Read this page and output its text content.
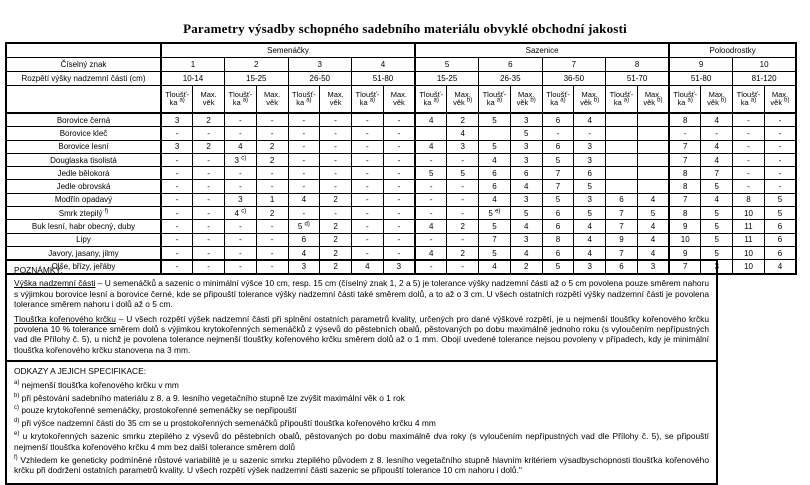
Parametry výsadby schopného sadebního materiálu obvyklé obchodní jakosti
	Semenáčky								Sazenice								Poloodrostky			
Číselný znak	1		2		3		4		5		6		7		8		9		10	
Rozpětí výšky nadzemní části (cm)	10-14		15-25		26-50		51-80		15-25		26-35		36-50		51-70		51-80		81-120	
	Tloušť-
ka $^{a)}$	Max.
věk	Tloušť-
ka $^{a)}$	Max.
věk	Tloušť-
ka $^{a)}$	Max.
věk	Tloušť-
ka $^{a)}$	Max.
věk	Tloušť-
ka $^{a)}$	Max.
věk $^{b)}$	Tloušť-
ka $^{a)}$	Max.
věk $^{b)}$	Tloušť-
ka $^{a)}$	Max.
věk $^{b)}$	Tloušť-
ka $^{a)}$	Max.
věk $^{b)}$	Tloušť-
ka $^{a)}$	Max.
věk $^{b)}$	Tloušť-
ka $^{a)}$	Max.
věk $^{b)}$
Borovice černá	3	2	-	-	-	-	-	-	4	2	5	3	6	4			8	4	-	-
Borovice kleč	-	-	-	-	-	-	-	-		4		5	-	-			-	-	-	-
Borovice lesní	3	2	4	2	-	-	-	-	4	3	5	3	6	3			7	4	-	-
Douglaska tisolistá	-	-	3 $^{c)}$	2	-	-	-	-	-	-	4	3	5	3			7	4	-	-
Jedle bělokorá	-	-	-	-	-	-	-	-	5	5	6	6	7	6			8	7	-	-
Jedle obrovská	-	-	-	-	-	-	-	-	-	-	6	4	7	5			8	5	-	-
Modřín opadavý	-	-	3	1	4	2	-	-	-	-	4	3	5	3	6	4	7	4	8	5
Smrk ztepilý $^{f)}$	-	-	4 $^{c)}$	2	-	-	-	-	-	-	5 $^{e)}$	5	6	5	7	5	8	5	10	5
Buk lesní, habr obecný, duby	-	-	-	-	5 $^{d)}$	2	-	-	4	2	5	4	6	4	7	4	9	5	11	6
Lipy	-	-	-	-	6	2	-	-	-	-	7	3	8	4	9	4	10	5	11	6
Javory, jasany, jilmy	-	-	-	-	4	2	-	-	4	2	5	4	6	4	7	4	9	5	10	6
Olše, břízy, jeřáby	-	-	-	-	3	2	4	3	-	-	4	2	5	3	6	3	7	3	10	4
POZNÁMKY:

Výška nadzemní části – U semenáčků a sazenic o minimální výšce 10 cm, resp. 15 cm (číselný znak 1, 2 a 5) je tolerance výšky nadzemní části až o 5 cm povolena pouze směrem nahoru s výjimkou borovice lesní a borovice černé, kde se připouští tolerance výšky nadzemní části také směrem dolů, a to až o 3 cm. U všech ostatních rozpětí výšky nadzemní části je povolena tolerance směrem nahoru i dolů až o 5 cm.

Tloušťka kořenového krčku – U všech rozpětí výšek nadzemní části při splnění ostatních parametrů kvality, určených pro dané výškové rozpětí, je u nejmenší tloušťky kořenového krčku povolena 10 % tolerance směrem dolů s výjimkou krytokořenných semenáčků z výsevů do pěstebních obalů, pěstovaných po dobu maximálně jednoho roku (s vyloučením nepřípustných vad dle Přílohy č. 5), u nichž je povolena tolerance nejmenší tloušťky kořenového krčku směrem dolů až o 1 mm. Obojí uvedené tolerance nejsou povoleny v případech, kdy je minimální tloušťka kořenového krčku stanovena na 3 mm.

ODKAZY A JEJICH SPECIFIKACE:
$^{a)}$ nejmenší tloušťka kořenového krčku v mm
$^{b)}$ při pěstování sadebního materiálu z 8. a 9. lesního vegetačního stupně lze zvýšit maximální věk o 1 rok
$^{c)}$ pouze krytokořenné semenáčky, prostokořenné semenáčky se nepřipouští
$^{d)}$ při výšce nadzemní části do 35 cm se u prostokořenných semenáčků připouští tloušťka kořenového krčku 4 mm
$^{e)}$ u krytokořenných sazenic smrku ztepilého z výsevů do pěstebních obalů, pěstovaných po dobu maximálně dva roky (s vyloučením nepřípustných vad dle Přílohy č. 5), se připouští nejmenší tloušťka kořenového krčku 4 mm bez další tolerance směrem dolů
$^{f)}$ Vzhledem ke geneticky podmíněné růstové variabilitě je u sazenic smrku ztepilého původem z 8. lesního vegetačního stupně hlavním kritériem výsadbyschopnosti tloušťka kořenového krčku při dodržení ostatních parametrů kvality. U všech rozpětí výšek nadzemní části sazenic se připouští tolerance 10 cm nahoru i dolů."
